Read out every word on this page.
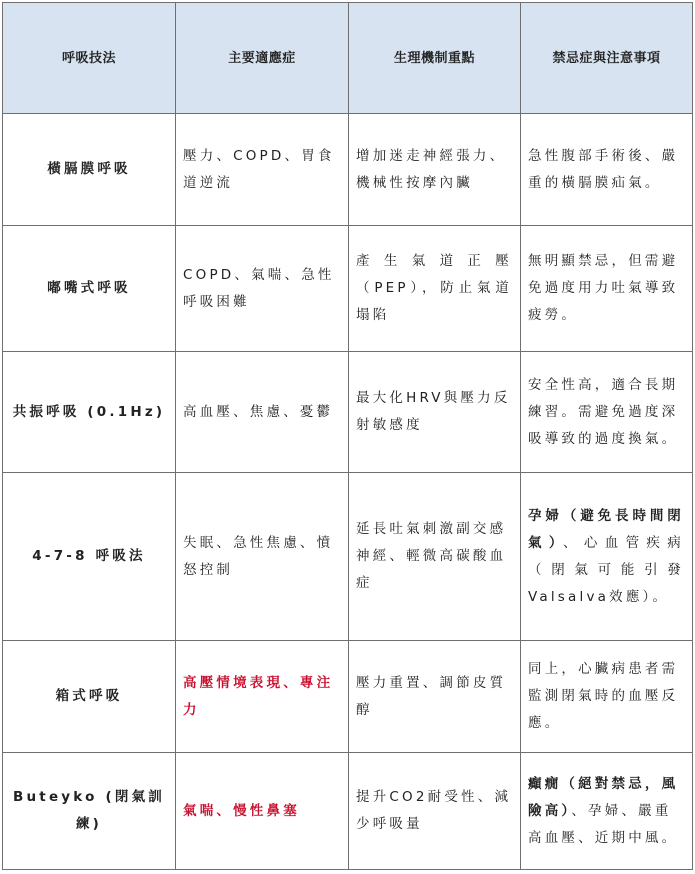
呼吸技法	主要適應症	生理機制重點	禁忌症與注意事項
橫膈膜呼吸	壓力、COPD、胃食道逆流	增加迷走神經張力、機械性按摩內臟	急性腹部手術後、嚴重的橫膈膜疝氣。
嘟嘴式呼吸	COPD、氣喘、急性呼吸困難	產生氣道正壓（PEP），防止氣道塌陷	無明顯禁忌，但需避免過度用力吐氣導致疲勞。
共振呼吸 (0.1Hz)	高血壓、焦慮、憂鬱	最大化HRV與壓力反射敏感度	安全性高，適合長期練習。需避免過度深吸導致的過度換氣。
4-7-8 呼吸法	失眠、急性焦慮、憤怒控制	延長吐氣刺激副交感神經、輕微高碳酸血症	孕婦（避免長時間閉氣）、心血管疾病（閉氣可能引發Valsalva效應）。
箱式呼吸	高壓情境表現、專注力	壓力重置、調節皮質醇	同上，心臟病患者需監測閉氣時的血壓反應。
Buteyko (閉氣訓練)	氣喘、慢性鼻塞	提升CO2耐受性、減少呼吸量	癲癇（絕對禁忌，風險高）、孕婦、嚴重高血壓、近期中風。
